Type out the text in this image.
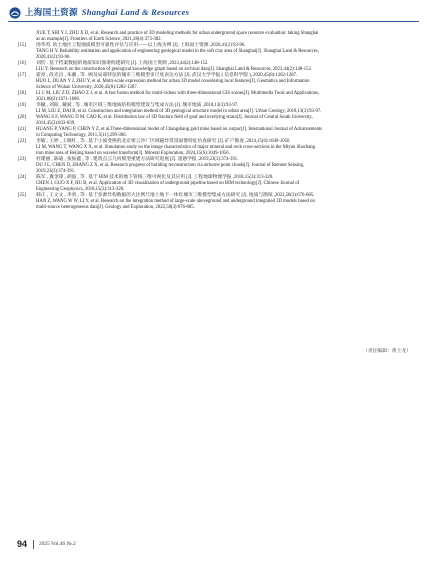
上海国土资源 Shanghai Land & Resources
XUE T, SHI Y J, ZHU X D, et al. Research and practice of 3D modeling methods for urban underground space resource evaluation: taking Shanghai
as an example[J]. Frontiers of Earth Science, 2021,28(4):373-382.
[15] 汤华英. 软土地区工程地质模型可靠性评估与应用——以上海为例 [J]. 上海国土资源 ,2020,41(2):93-96.
TANG H Y. Reliability estimation and application of engineering geological model in the soft clay area of Shanghai[J]. Shanghai Land & Resources,
2020,41(2):93-96.
[16] 刘钧 . 基于档案数据的地质知识图谱构建研究 [J]. 上海国土资源 ,2023,44(2):148-152.
LIU Y. Research on the construction of geological knowledge graph based on archival data[J]. Shanghai Land & Resources, 2023,44(2):148-152.
[17] 霍亮 , 段克昌 , 朱湘 , 等 . 顾及局部特征的城市三维模型多尺度表达方法 [J]. 武汉大学学报 ( 信息科学版 ), 2020,45(8):1282-1287.
HUO L, DUAN Y J, ZHU Y, et al. Multi-scale expression method for urban 3D model considering local features[J]. Geomatics and Information
Science of Wuhan University, 2020,45(8):1282-1287.
[18] LI C M, LIU Z D, ZHAO Z J, et al. A fast fusion method for multi-videos with three-dimensional GIS scenes[J]. Multimedia Tools and Applications,
2021,80(2):1671-1686.
[19] 李毓 , 刘阳 , 戴斌 , 等 . 城市区域三维地质结构模型建设与集成方法 [J]. 城市地质 ,2018,13(3):93-97.
LI M, LIU Z, DAI B, et al. Construction and integration method of 3D geological structure model in urban area[J]. Urban Geology, 2018,13(3):93-97.
[20] WANG S F, WANG D M, CAO K, et al. Distribution law of 3D fracture field of goaf and overlying strata[J]. Journal of Central South University,
2014,45(3):833-839.
[21] HUANG P, YANG P, CHEN Y Z, et al.Three-dimensional model of Changshang gold mine based on surpac[J]. International Journal of Advancements
in Computing Technology, 2011,3(11):299-306.
[22] 李敏 , 王婷 , 王晓红 , 等 . 基于小波变换的北京密云沙厂区域磁异常剖面像特征仿真研究 [J]. 矿产勘查 ,2024,15(6):1049-1056.
LI M, WANG T, WANG X X, et al. Simulation study on the image characteristics of major mineral and rock cross-sections in the Miyun Shachang
iron mine area of Beijing based on wavelet transform[J]. Mineral Exploration, 2024,15(6):1049-1056.
[23] 杜瑾丽 , 陈迪 , 张振鑫 , 等 . 建筑点云几何模型重建方法研究进展 [J]. 遥感学报 ,2019,23(3):374-391.
DU J L, CHEN D, ZHANG Z X, et al. Research progress of building reconstruction via airborne point clouds[J]. Journal of Remote Sensing,
2019,23(3):374-391.
[24] 陈军 , 冀金锋 , 胡波 , 等 . 基于 BIM 技术的地下管线三维可视化及其应用 [J]. 工程地球物理学报 ,2018,15(3):313-320.
CHEN J, GUO X F, HU B, et al. Application of 3D visualization of underground pipeline based on BIM technology[J]. Chinese Journal of
Engineering Geophysics, 2018,15(3):313-320.
[25] 韩正 , 王文文 , 李勇 , 等 . 基于多源异构数据的大比例尺地上地下一体化城市三维模型集成方法研究 [J]. 地质与勘探 ,2022,58(3):676-685.
HAN Z, WANG W W, LI Y, et al. Research on the integration method of large-scale aboveground and underground integrated 3D models based on
multi-source heterogeneous data[J]. Geology and Exploration, 2022,58(3):676-685.
（责任编辑：黄士龙）
94 2025 Vol.46 №.2
